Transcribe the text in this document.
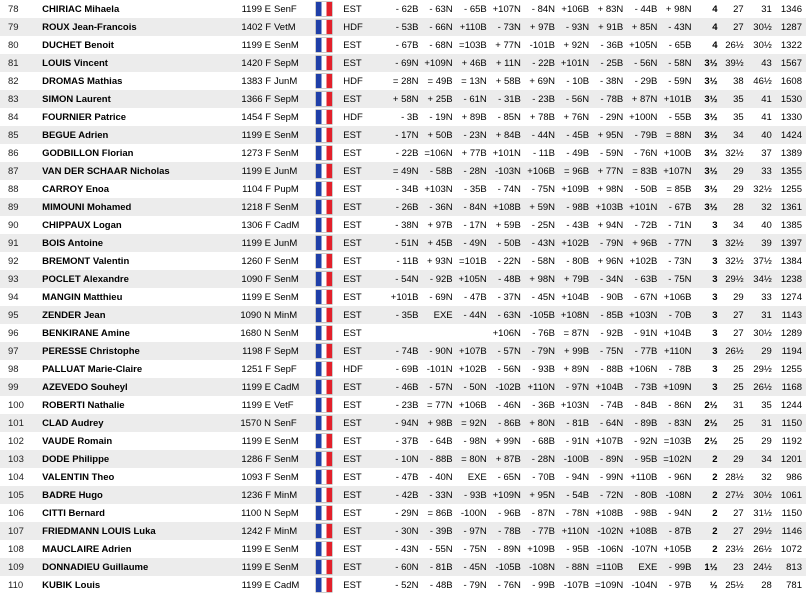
78	CHIRIAC Mihaela	1199 E	SenF		EST	- 62B	- 63N	- 65B	+107N	- 84N	+106B	+ 83N	- 44B	+ 98N	4	27	31	1346
79	ROUX Jean-Francois	1402 F	VetM		HDF	- 53B	- 66N	+110B	- 73N	+ 97B	- 93N	+ 91B	+ 85N	- 43N	4	27	30½	1287
80	DUCHET Benoit	1199 E	SenM		EST	- 67B	- 68N	=103B	+ 77N	-101B	+ 92N	- 36B	+105N	- 65B	4	26½	30½	1322
81	LOUIS Vincent	1420 F	SepM		EST	- 69N	+109N	+ 46B	+ 11N	- 22B	+101N	- 25B	- 56N	- 58N	3½	39½	43	1567
82	DROMAS Mathias	1383 F	JunM		HDF	= 28N	= 49B	= 13N	+ 58B	+ 69N	- 10B	- 38N	- 29B	- 59N	3½	38	46½	1608
83	SIMON Laurent	1366 F	SepM		EST	+ 58N	+ 25B	- 61N	- 31B	- 23B	- 56N	- 78B	+ 87N	+101B	3½	35	41	1530
84	FOURNIER Patrice	1454 F	SepM		HDF	- 3B	- 19N	+ 89B	- 85N	+ 78B	+ 76N	- 29N	+100N	- 55B	3½	35	41	1330
85	BEGUE Adrien	1199 E	SenM		EST	- 17N	+ 50B	- 23N	+ 84B	- 44N	- 45B	+ 95N	- 79B	= 88N	3½	34	40	1424
86	GODBILLON Florian	1273 F	SenM		EST	- 22B	=106N	+ 77B	+101N	- 11B	- 49B	- 59N	- 76N	+100B	3½	32½	37	1389
87	VAN DER SCHAAR Nicholas	1199 E	JunM		EST	= 49N	- 58B	- 28N	-103N	+106B	= 96B	+ 77N	= 83B	+107N	3½	29	33	1355
88	CARROY Enoa	1104 F	PupM		EST	- 34B	+103N	- 35B	- 74N	- 75N	+109B	+ 98N	- 50B	= 85B	3½	29	32½	1255
89	MIMOUNI Mohamed	1218 F	SenM		EST	- 26B	- 36N	- 84N	+108B	+ 59N	- 98B	+103B	+101N	- 67B	3½	28	32	1361
90	CHIPPAUX Logan	1306 F	CadM		EST	- 38N	+ 97B	- 17N	+ 59B	- 25N	- 43B	+ 94N	- 72B	- 71N	3	34	40	1385
91	BOIS Antoine	1199 E	JunM		EST	- 51N	+ 45B	- 49N	- 50B	- 43N	+102B	- 79N	+ 96B	- 77N	3	32½	39	1397
92	BREMONT Valentin	1260 F	SenM		EST	- 11B	+ 93N	=101B	- 22N	- 58N	- 80B	+ 96N	+102B	- 73N	3	32½	37½	1384
93	POCLET Alexandre	1090 F	SenM		EST	- 54N	- 92B	+105N	- 48B	+ 98N	+ 79B	- 34N	- 63B	- 75N	3	29½	34½	1238
94	MANGIN Matthieu	1199 E	SenM		EST	+101B	- 69N	- 47B	- 37N	- 45N	+104B	- 90B	- 67N	+106B	3	29	33	1274
95	ZENDER Jean	1090 N	MinM		EST	- 35B	EXE	- 44N	- 63N	-105B	+108N	- 85B	+103N	- 70B	3	27	31	1143
96	BENKIRANE Amine	1680 N	SenM		EST				+106N	- 76B	= 87N	- 92B	- 91N	+104B	3	27	30½	1289
97	PERESSE Christophe	1198 F	SepM		EST	- 74B	- 90N	+107B	- 57N	- 79N	+ 99B	- 75N	- 77B	+110N	3	26½	29	1194
98	PALLUAT Marie-Claire	1251 F	SepF		HDF	- 69B	-101N	+102B	- 56N	- 93B	+ 89N	- 88B	+106N	- 78B	3	25	29½	1255
99	AZEVEDO Souheyl	1199 E	CadM		EST	- 46B	- 57N	- 50N	-102B	+110N	- 97N	+104B	- 73B	+109N	3	25	26½	1168
100	ROBERTI Nathalie	1199 E	VetF		EST	- 23B	= 77N	+106B	- 46N	- 36B	+103N	- 74B	- 84B	- 86N	2½	31	35	1244
101	CLAD Audrey	1570 N	SenF		EST	- 94N	+ 98B	= 92N	- 86B	+ 80N	- 81B	- 64N	- 89B	- 83N	2½	25	31	1150
102	VAUDE Romain	1199 E	SenM		EST	- 37B	- 64B	- 98N	+ 99N	- 68B	- 91N	+107B	- 92N	=103B	2½	25	29	1192
103	DODE Philippe	1286 F	SenM		EST	- 10N	- 88B	= 80N	+ 87B	- 28N	-100B	- 89N	- 95B	=102N	2	29	34	1201
104	VALENTIN Theo	1093 F	SenM		EST	- 47B	- 40N	EXE	- 65N	- 70B	- 94N	- 99N	+110B	- 96N	2	28½	32	986
105	BADRE Hugo	1236 F	MinM		EST	- 42B	- 33N	- 93B	+109N	+ 95N	- 54B	- 72N	- 80B	-108N	2	27½	30½	1061
106	CITTI Bernard	1100 N	SepM		EST	- 29N	= 86B	-100N	- 96B	- 87N	- 78N	+108B	- 98B	- 94N	2	27	31½	1150
107	FRIEDMANN LOUIS Luka	1242 F	MinM		EST	- 30N	- 39B	- 97N	- 78B	- 77B	+110N	-102N	+108B	- 87B	2	27	29½	1146
108	MAUCLAIRE Adrien	1199 E	SenM		EST	- 43N	- 55N	- 75N	- 89N	+109B	- 95B	-106N	-107N	+105B	2	23½	26½	1072
109	DONNADIEU Guillaume	1199 E	SenM		EST	- 60N	- 81B	- 45N	-105B	-108N	- 88N	=110B	EXE	- 99B	1½	23	24½	813
110	KUBIK Louis	1199 E	CadM		EST	- 52N	- 48B	- 79N	- 76N	- 99B	-107B	=109N	-104N	- 97B	½	25½	28	781
